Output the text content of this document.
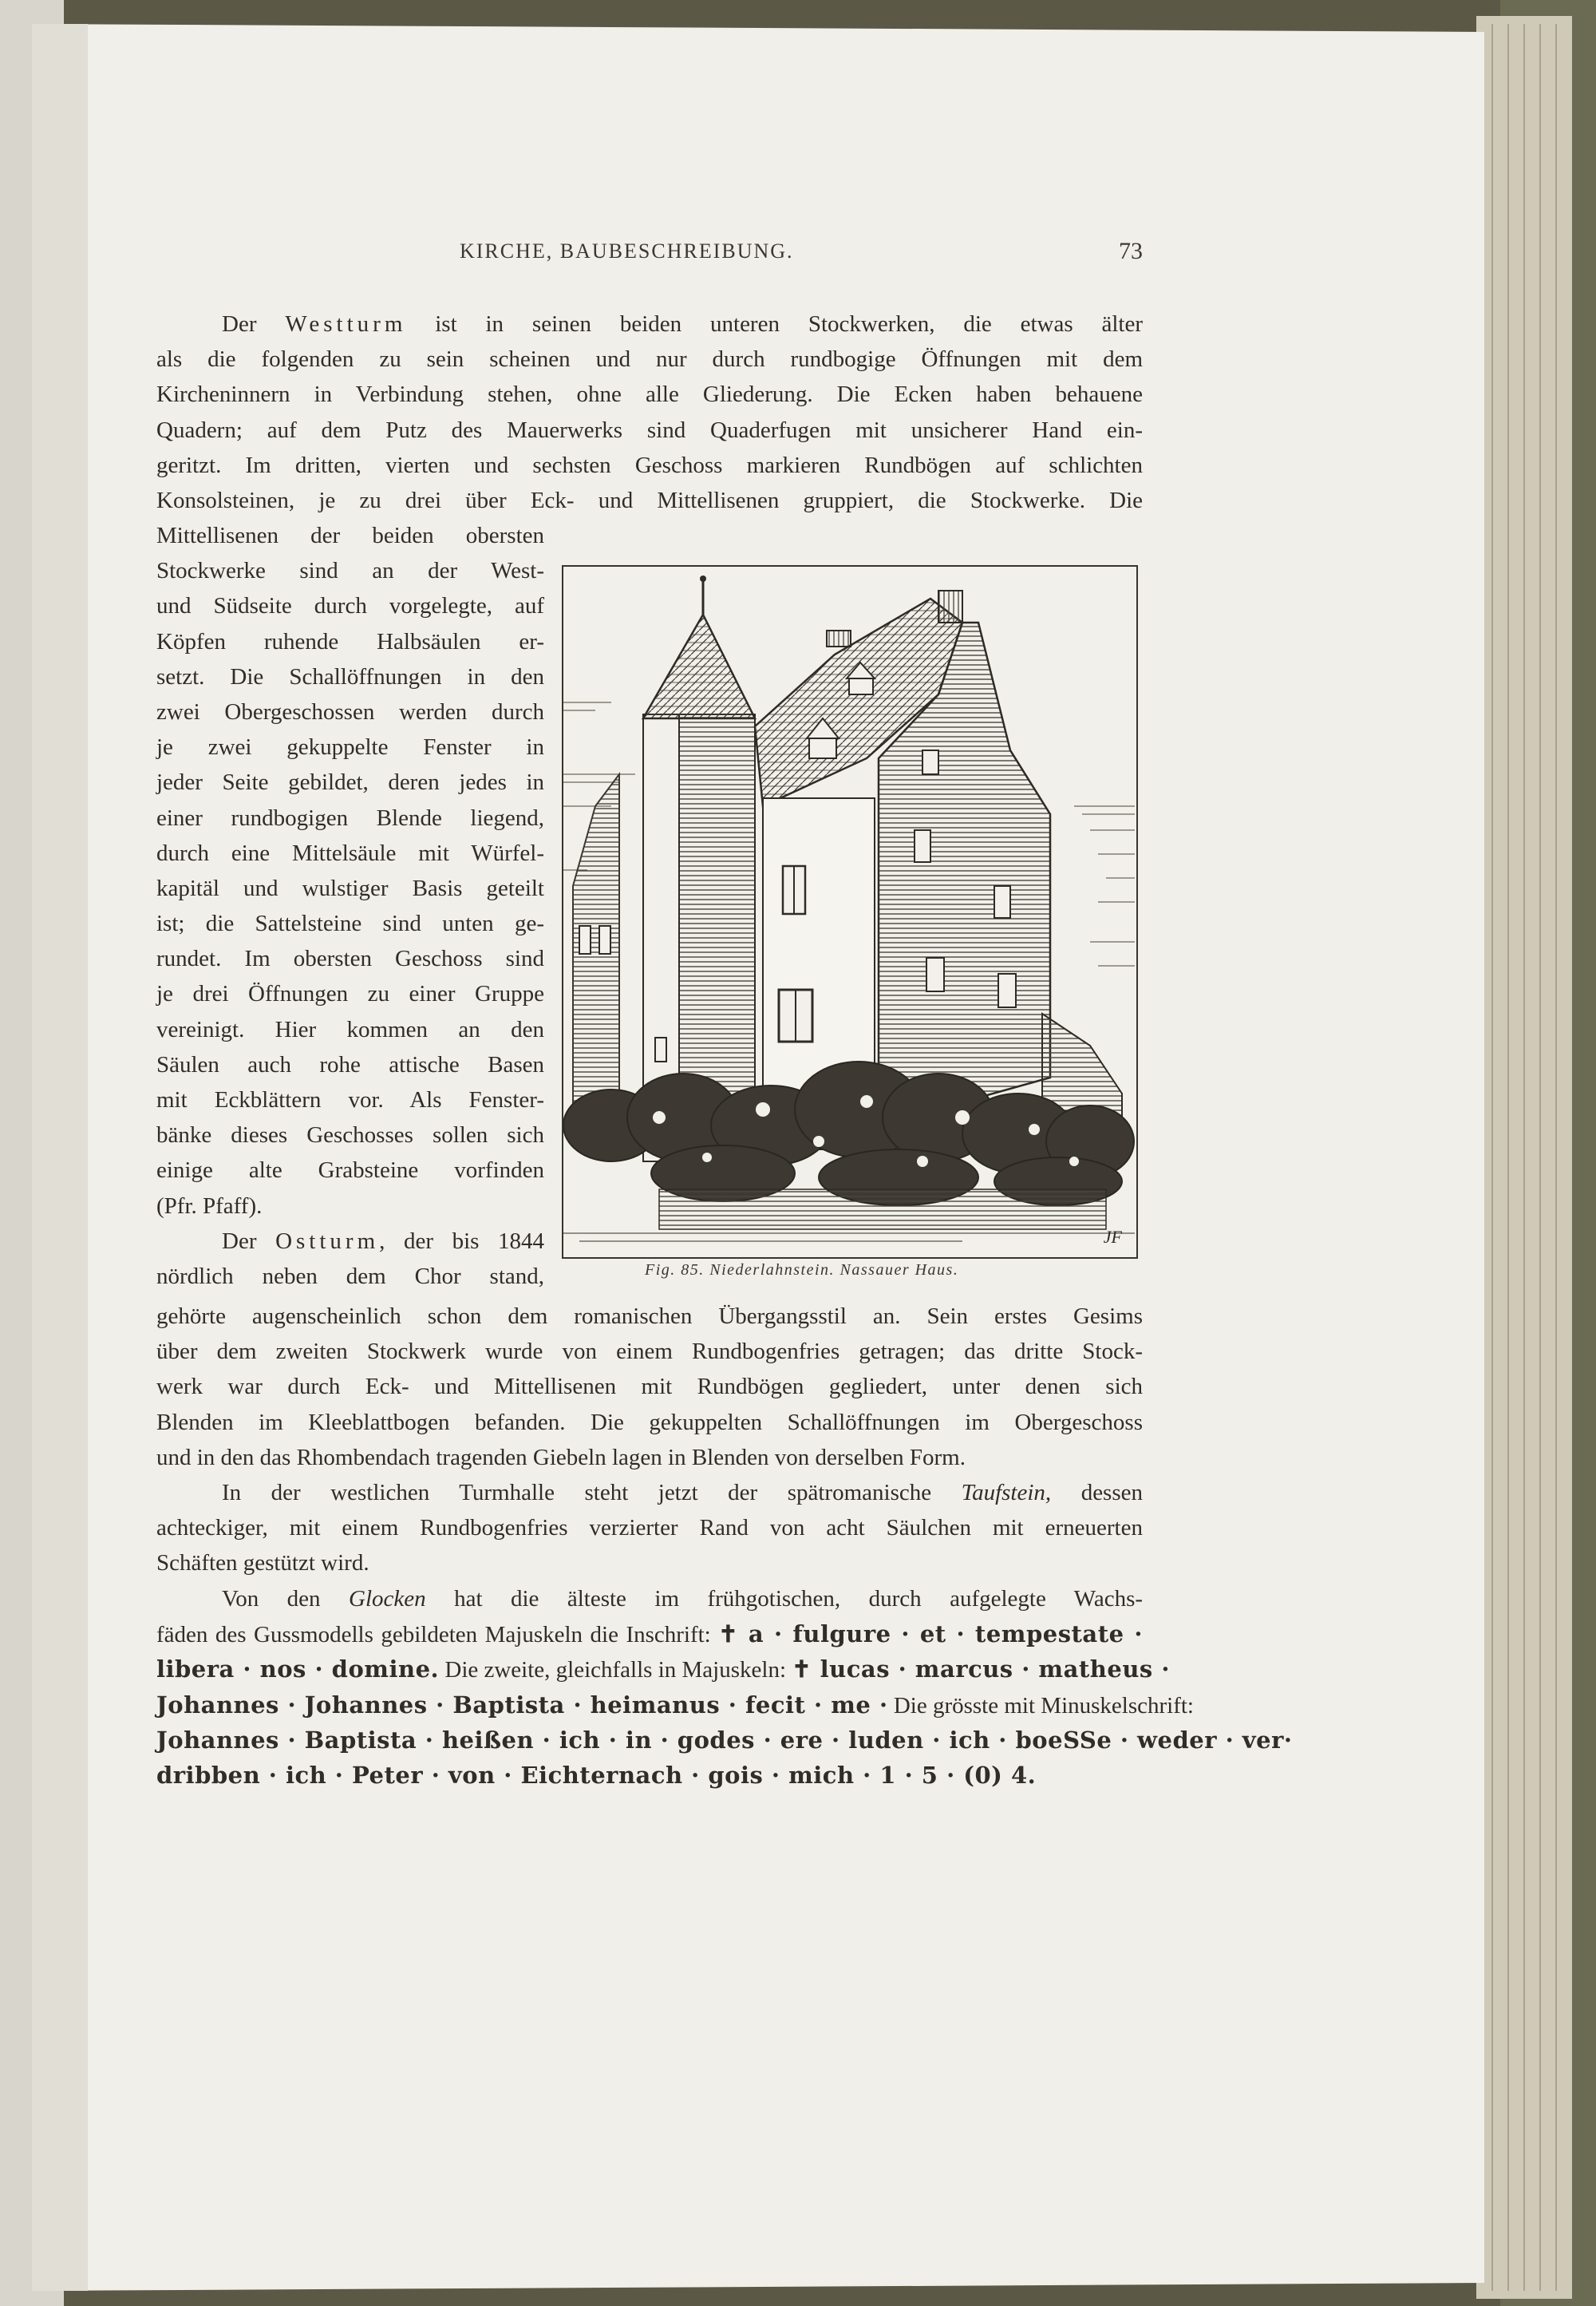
KIRCHE, BAUBESCHREIBUNG.	73
Der Westturm ist in seinen beiden unteren Stockwerken, die etwas älter
als die folgenden zu sein scheinen und nur durch rundbogige Öffnungen mit dem
Kircheninnern in Verbindung stehen, ohne alle Gliederung. Die Ecken haben behauene
Quadern; auf dem Putz des Mauerwerks sind Quaderfugen mit unsicherer Hand ein-
geritzt. Im dritten, vierten und sechsten Geschoss markieren Rundbögen auf schlichten
Konsolsteinen, je zu drei über Eck- und Mittellisenen gruppiert, die Stockwerke. Die
Mittellisenen der beiden obersten
Stockwerke sind an der West-
und Südseite durch vorgelegte, auf
Köpfen ruhende Halbsäulen er-
setzt. Die Schallöffnungen in den
zwei Obergeschossen werden durch
je zwei gekuppelte Fenster in
jeder Seite gebildet, deren jedes in
einer rundbogigen Blende liegend,
durch eine Mittelsäule mit Würfel-
kapitäl und wulstiger Basis geteilt
ist; die Sattelsteine sind unten ge-
rundet. Im obersten Geschoss sind
je drei Öffnungen zu einer Gruppe
vereinigt. Hier kommen an den
Säulen auch rohe attische Basen
mit Eckblättern vor. Als Fenster-
bänke dieses Geschosses sollen sich
einige alte Grabsteine vorfinden
(Pfr. Pfaff).
Der Ostturm, der bis 1844
nördlich neben dem Chor stand,
JF
Fig. 85. Niederlahnstein. Nassauer Haus.
gehörte augenscheinlich schon dem romanischen Übergangsstil an. Sein erstes Gesims
über dem zweiten Stockwerk wurde von einem Rundbogenfries getragen; das dritte Stock-
werk war durch Eck- und Mittellisenen mit Rundbögen gegliedert, unter denen sich
Blenden im Kleeblattbogen befanden. Die gekuppelten Schallöffnungen im Obergeschoss
und in den das Rhombendach tragenden Giebeln lagen in Blenden von derselben Form.
In der westlichen Turmhalle steht jetzt der spätromanische Taufstein, dessen
achteckiger, mit einem Rundbogenfries verzierter Rand von acht Säulchen mit erneuerten
Schäften gestützt wird.
Von den Glocken hat die älteste im frühgotischen, durch aufgelegte Wachs-
fäden des Gussmodells gebildeten Majuskeln die Inschrift: ✝ a · fulgure · et · tempestate ·
libera · nos · domine. Die zweite, gleichfalls in Majuskeln: ✝ lucas · marcus · matheus ·
Johannes · Johannes · Baptista · heimanus · fecit · me · Die grösste mit Minuskelschrift:
Johannes · Baptista · heißen · ich · in · godes · ere · luden · ich · boeSSe · weder · ver·
dribben · ich · Peter · von · Eichternach · gois · mich · 1 · 5 · (0) 4.
